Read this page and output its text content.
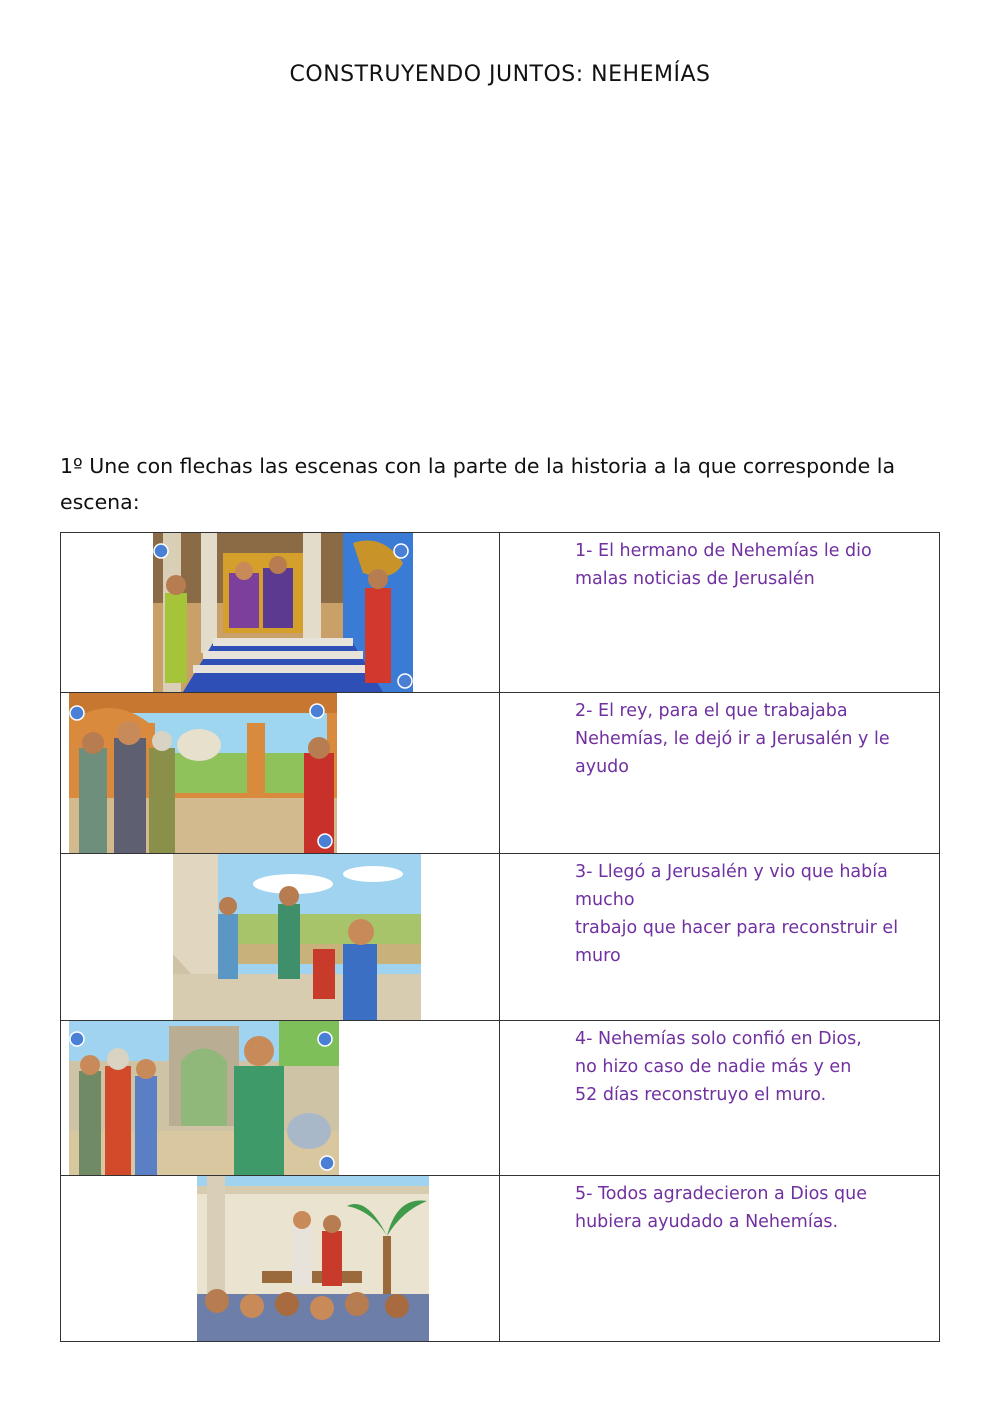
CONSTRUYENDO JUNTOS: NEHEMÍAS
1º Une con flechas las escenas con la parte de la historia a la que corresponde la escena:

1- El hermano de Nehemías le dio
malas noticias de Jerusalén

2- El rey, para el que trabajaba
Nehemías, le dejó ir a Jerusalén y le
ayudo

3- Llegó a Jerusalén y vio que había
mucho
trabajo que hacer para reconstruir el
muro

4- Nehemías solo confió en Dios,
no hizo caso de nadie más y en
52 días reconstruyo el muro.

5- Todos agradecieron a Dios que
hubiera ayudado a Nehemías.
